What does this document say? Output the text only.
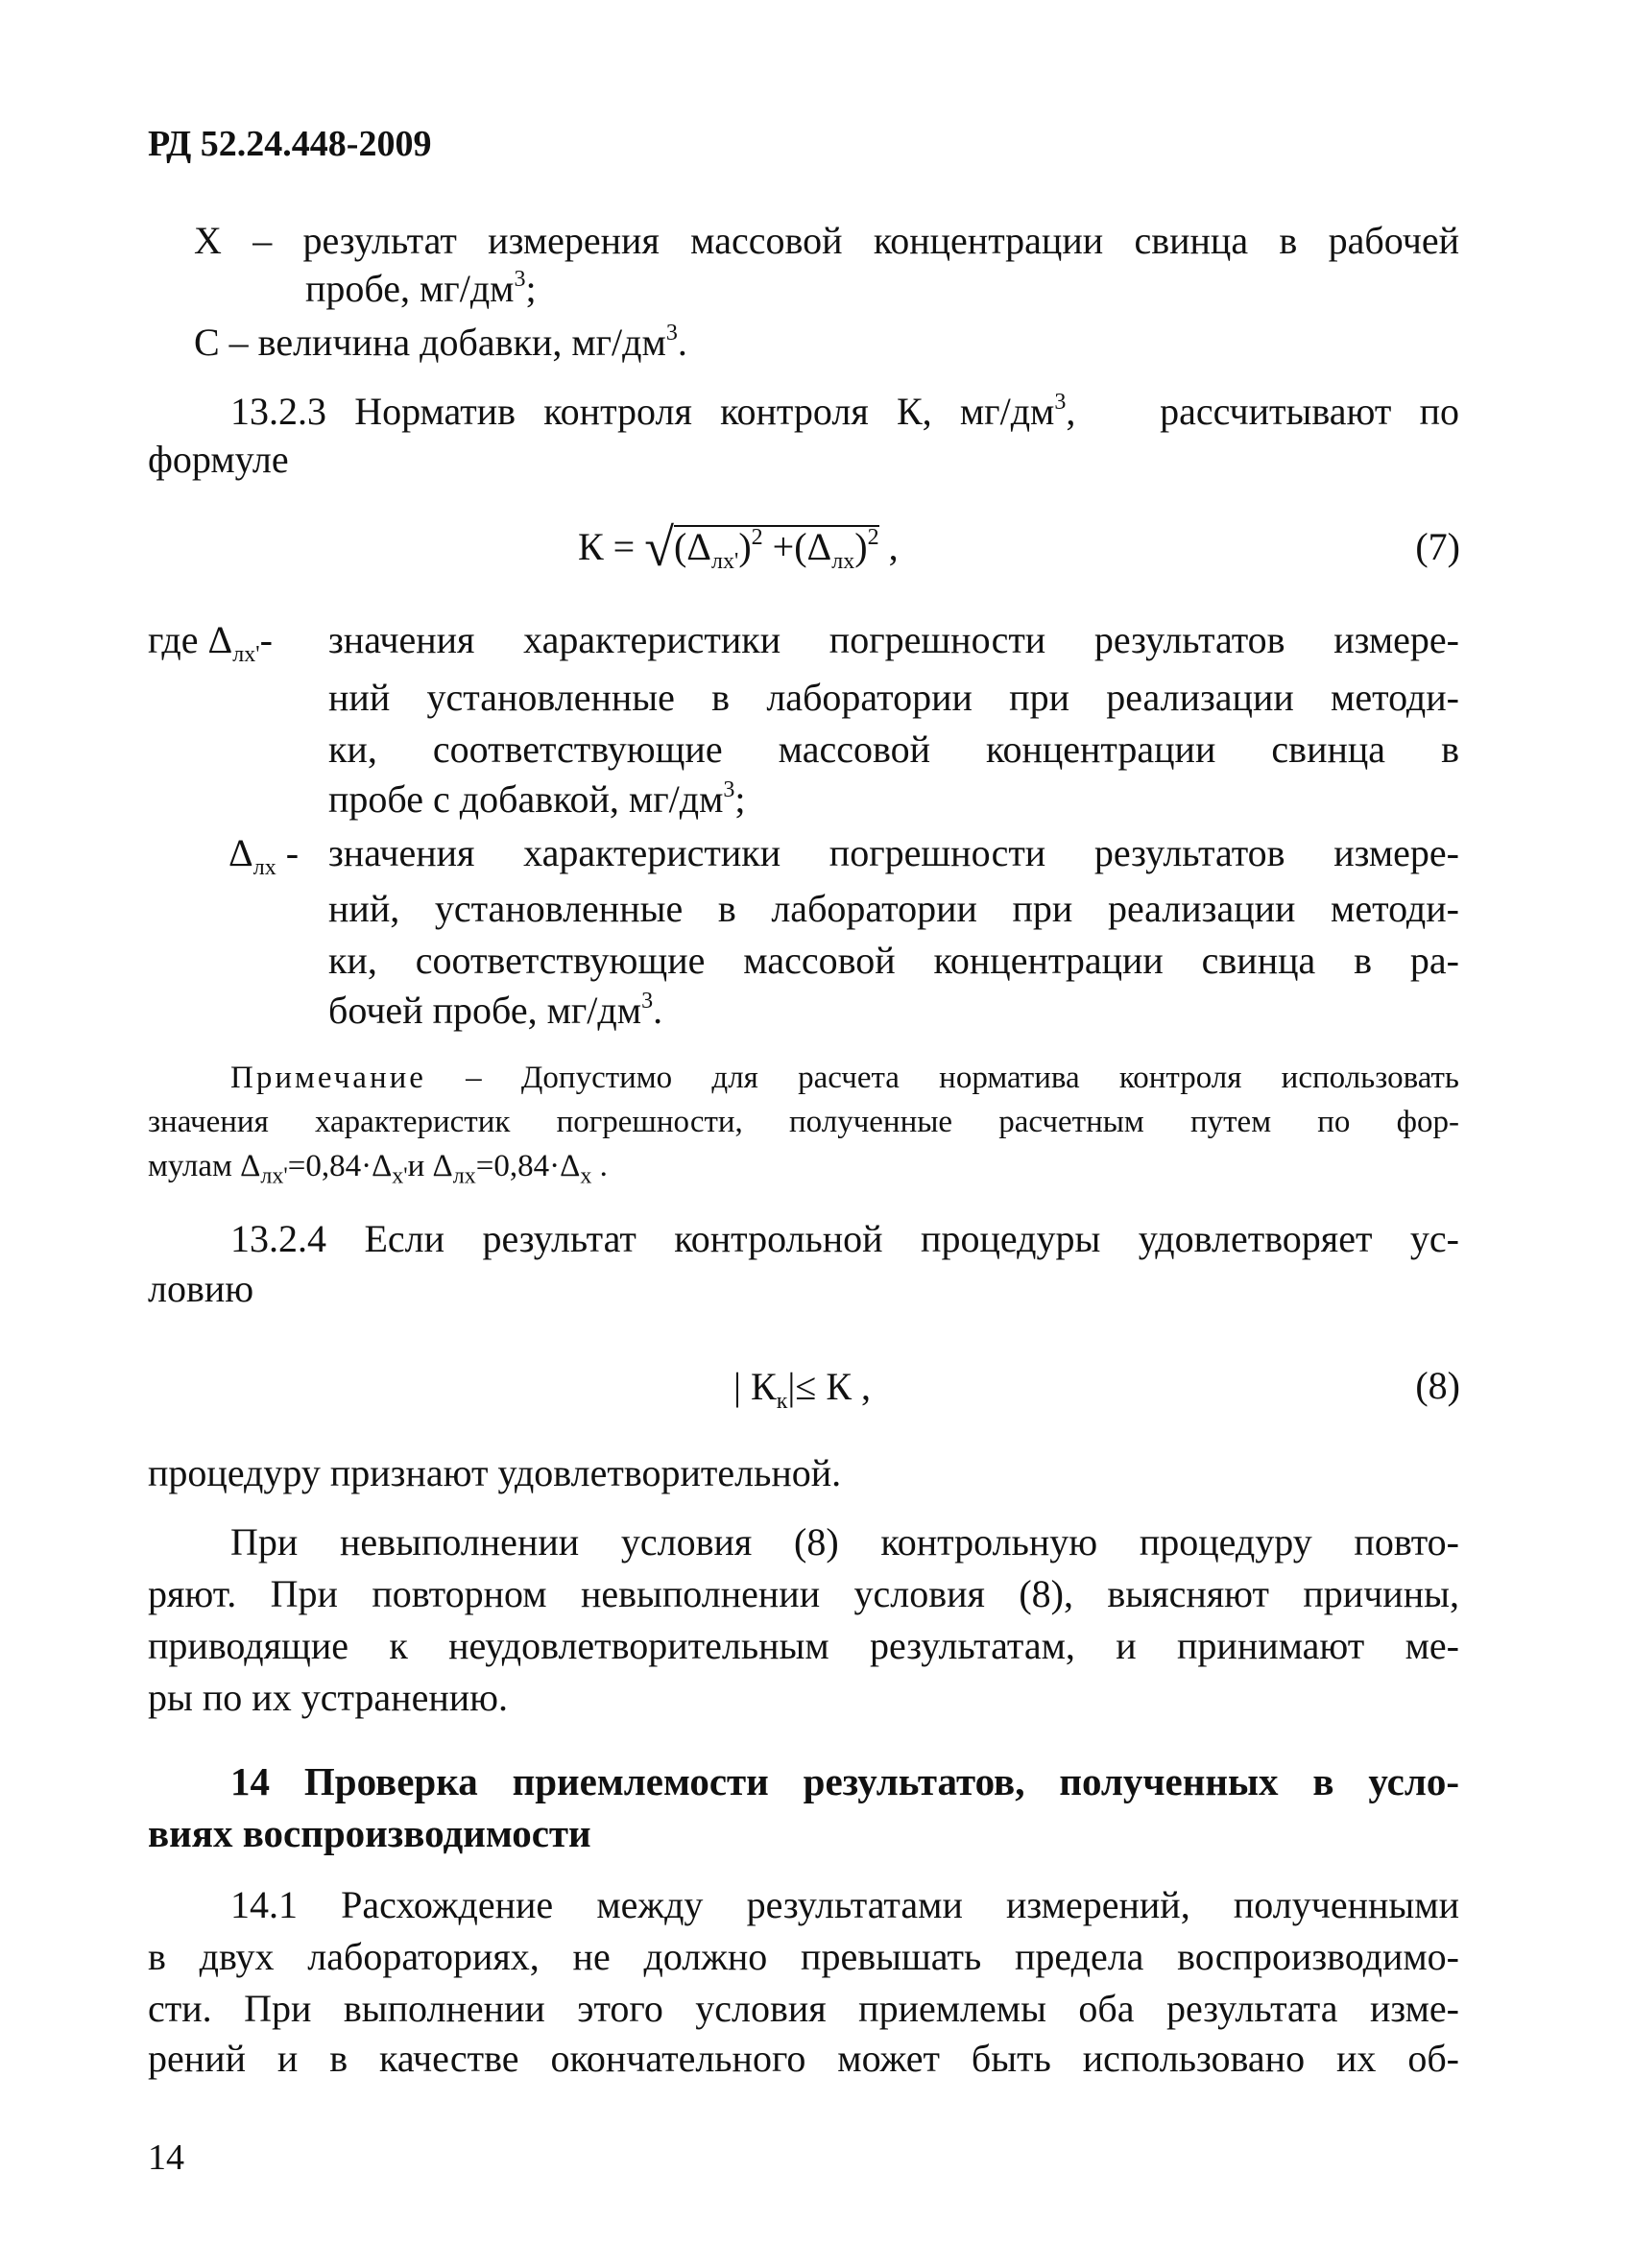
РД 52.24.448-2009
Х – результат измерения массовой концентрации свинца в рабочей
пробе, $мг/дм^3$;
С – величина добавки, $мг/дм^3$.
13.2.3 Норматив контроля контроля К, $мг/дм^3$,   рассчитывают по
формуле
К = √
$(\Delta_{лх'})^2 +(\Delta_{лх})^2$ ,	(7)
где $\Delta_{лх'}-$ значения характеристики погрешности результатов измере-
ний установленные в лаборатории при реализации методи-
ки, соответствующие массовой концентрации свинца в
пробе с добавкой, $мг/дм^3$;
$\Delta_{лх}$ - значения характеристики погрешности результатов измере-
ний, установленные в лаборатории при реализации методи-
ки, соответствующие массовой концентрации свинца в ра-
бочей пробе, $мг/дм^3$.
Примечание – Допустимо для расчета норматива контроля использовать
значения характеристик погрешности, полученные расчетным путем по фор-
мулам $\Delta_{лх'}=0,84\cdot\Delta_{х'}и$ $\Delta_{лх}=0,84\cdot\Delta_х$ .
13.2.4 Если результат контрольной процедуры удовлетворяет ус-
ловию
| $К_к|\le К$ ,	(8)
процедуру признают удовлетворительной.
При невыполнении условия (8) контрольную процедуру повто-
ряют. При повторном невыполнении условия (8), выясняют причины,
приводящие к неудовлетворительным результатам, и принимают ме-
ры по их устранению.
14 Проверка приемлемости результатов, полученных в усло-
виях воспроизводимости
14.1 Расхождение между результатами измерений, полученными
в двух лабораториях, не должно превышать предела воспроизводимо-
сти. При выполнении этого условия приемлемы оба результата изме-
рений и в качестве окончательного может быть использовано их об-
14
